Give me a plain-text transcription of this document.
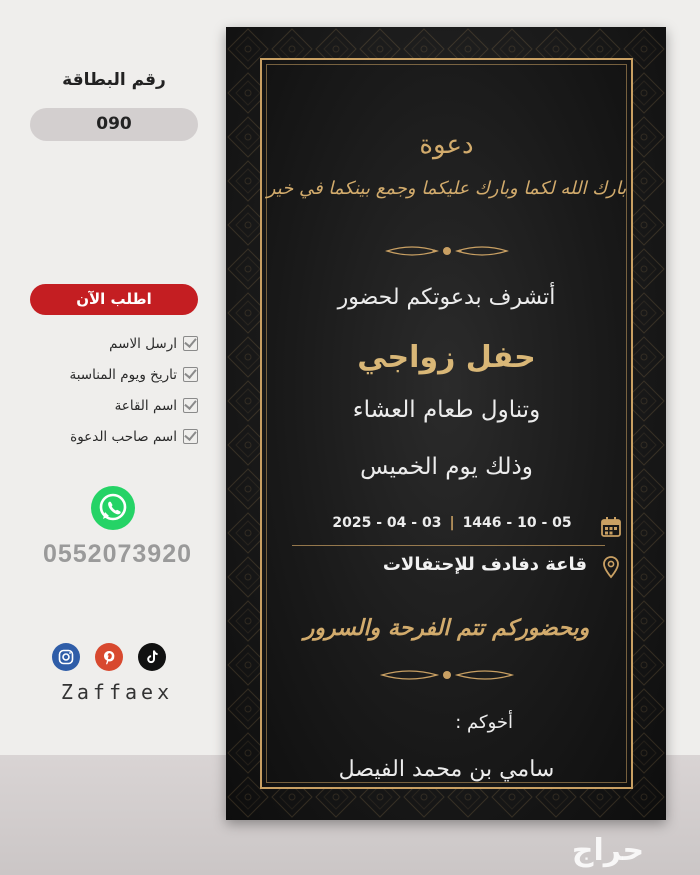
رقم البطاقة
090
اطلب الآن
ارسل الاسم
تاريخ ويوم المناسبة
اسم القاعة
اسم صاحب الدعوة
0552073920
Zaffaex
دعوة
بارك الله لكما وبارك عليكما وجمع بينكما في خير
أتشرف بدعوتكم لحضور
حفل زواجي
وتناول طعام العشاء
وذلك يوم الخميس
2025 - 04 - 03 | 1446 - 10 - 05
قاعة دفادف للإحتفالات
وبحضوركم تتم الفرحة والسرور
أخوكم :
سامي بن محمد الفيصل
حراج
